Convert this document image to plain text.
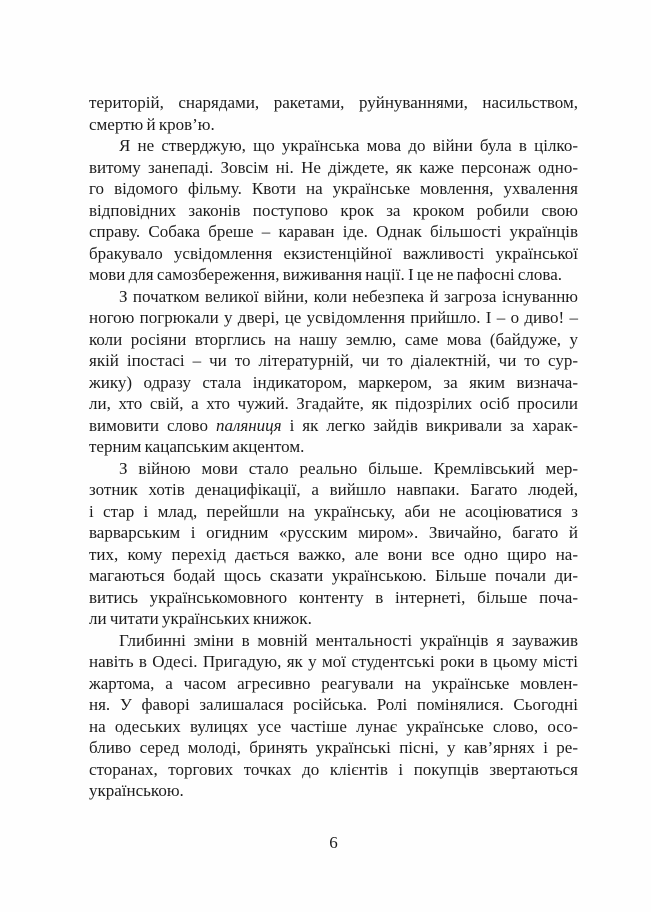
територій, снарядами, ракетами, руйнуваннями, насильством,
смертю й кров’ю.
Я не стверджую, що українська мова до війни була в цілко-
витому занепаді. Зовсім ні. Не діждете, як каже персонаж одно-
го відомого фільму. Квоти на українське мовлення, ухвалення
відповідних законів поступово крок за кроком робили свою
справу. Собака бреше – караван іде. Однак більшості українців
бракувало усвідомлення екзистенційної важливості української
мови для самозбереження, виживання нації. І це не пафосні слова.
З початком великої війни, коли небезпека й загроза існуванню
ногою погрюкали у двері, це усвідомлення прийшло. І – о диво! –
коли росіяни вторглись на нашу землю, саме мова (байдуже, у
якій іпостасі – чи то літературній, чи то діалектній, чи то сур-
жику) одразу стала індикатором, маркером, за яким визнача-
ли, хто свій, а хто чужий. Згадайте, як підозрілих осіб просили
вимовити слово паляниця і як легко зайдів викривали за харак-
терним кацапським акцентом.
З війною мови стало реально більше. Кремлівський мер-
зотник хотів денацифікації, а вийшло навпаки. Багато людей,
і стар і млад, перейшли на українську, аби не асоціюватися з
варварським і огидним «русским миром». Звичайно, багато й
тих, кому перехід дається важко, але вони все одно щиро на-
магаються бодай щось сказати українською. Більше почали ди-
витись українськомовного контенту в інтернеті, більше поча-
ли читати українських книжок.
Глибинні зміни в мовній ментальності українців я зауважив
навіть в Одесі. Пригадую, як у мої студентські роки в цьому місті
жартома, а часом агресивно реагували на українське мовлен-
ня. У фаворі залишалася російська. Ролі помінялися. Сьогодні
на одеських вулицях усе частіше лунає українське слово, осо-
бливо серед молоді, бринять українські пісні, у кав’ярнях і ре-
сторанах, торгових точках до клієнтів і покупців звертаються
українською.
6
